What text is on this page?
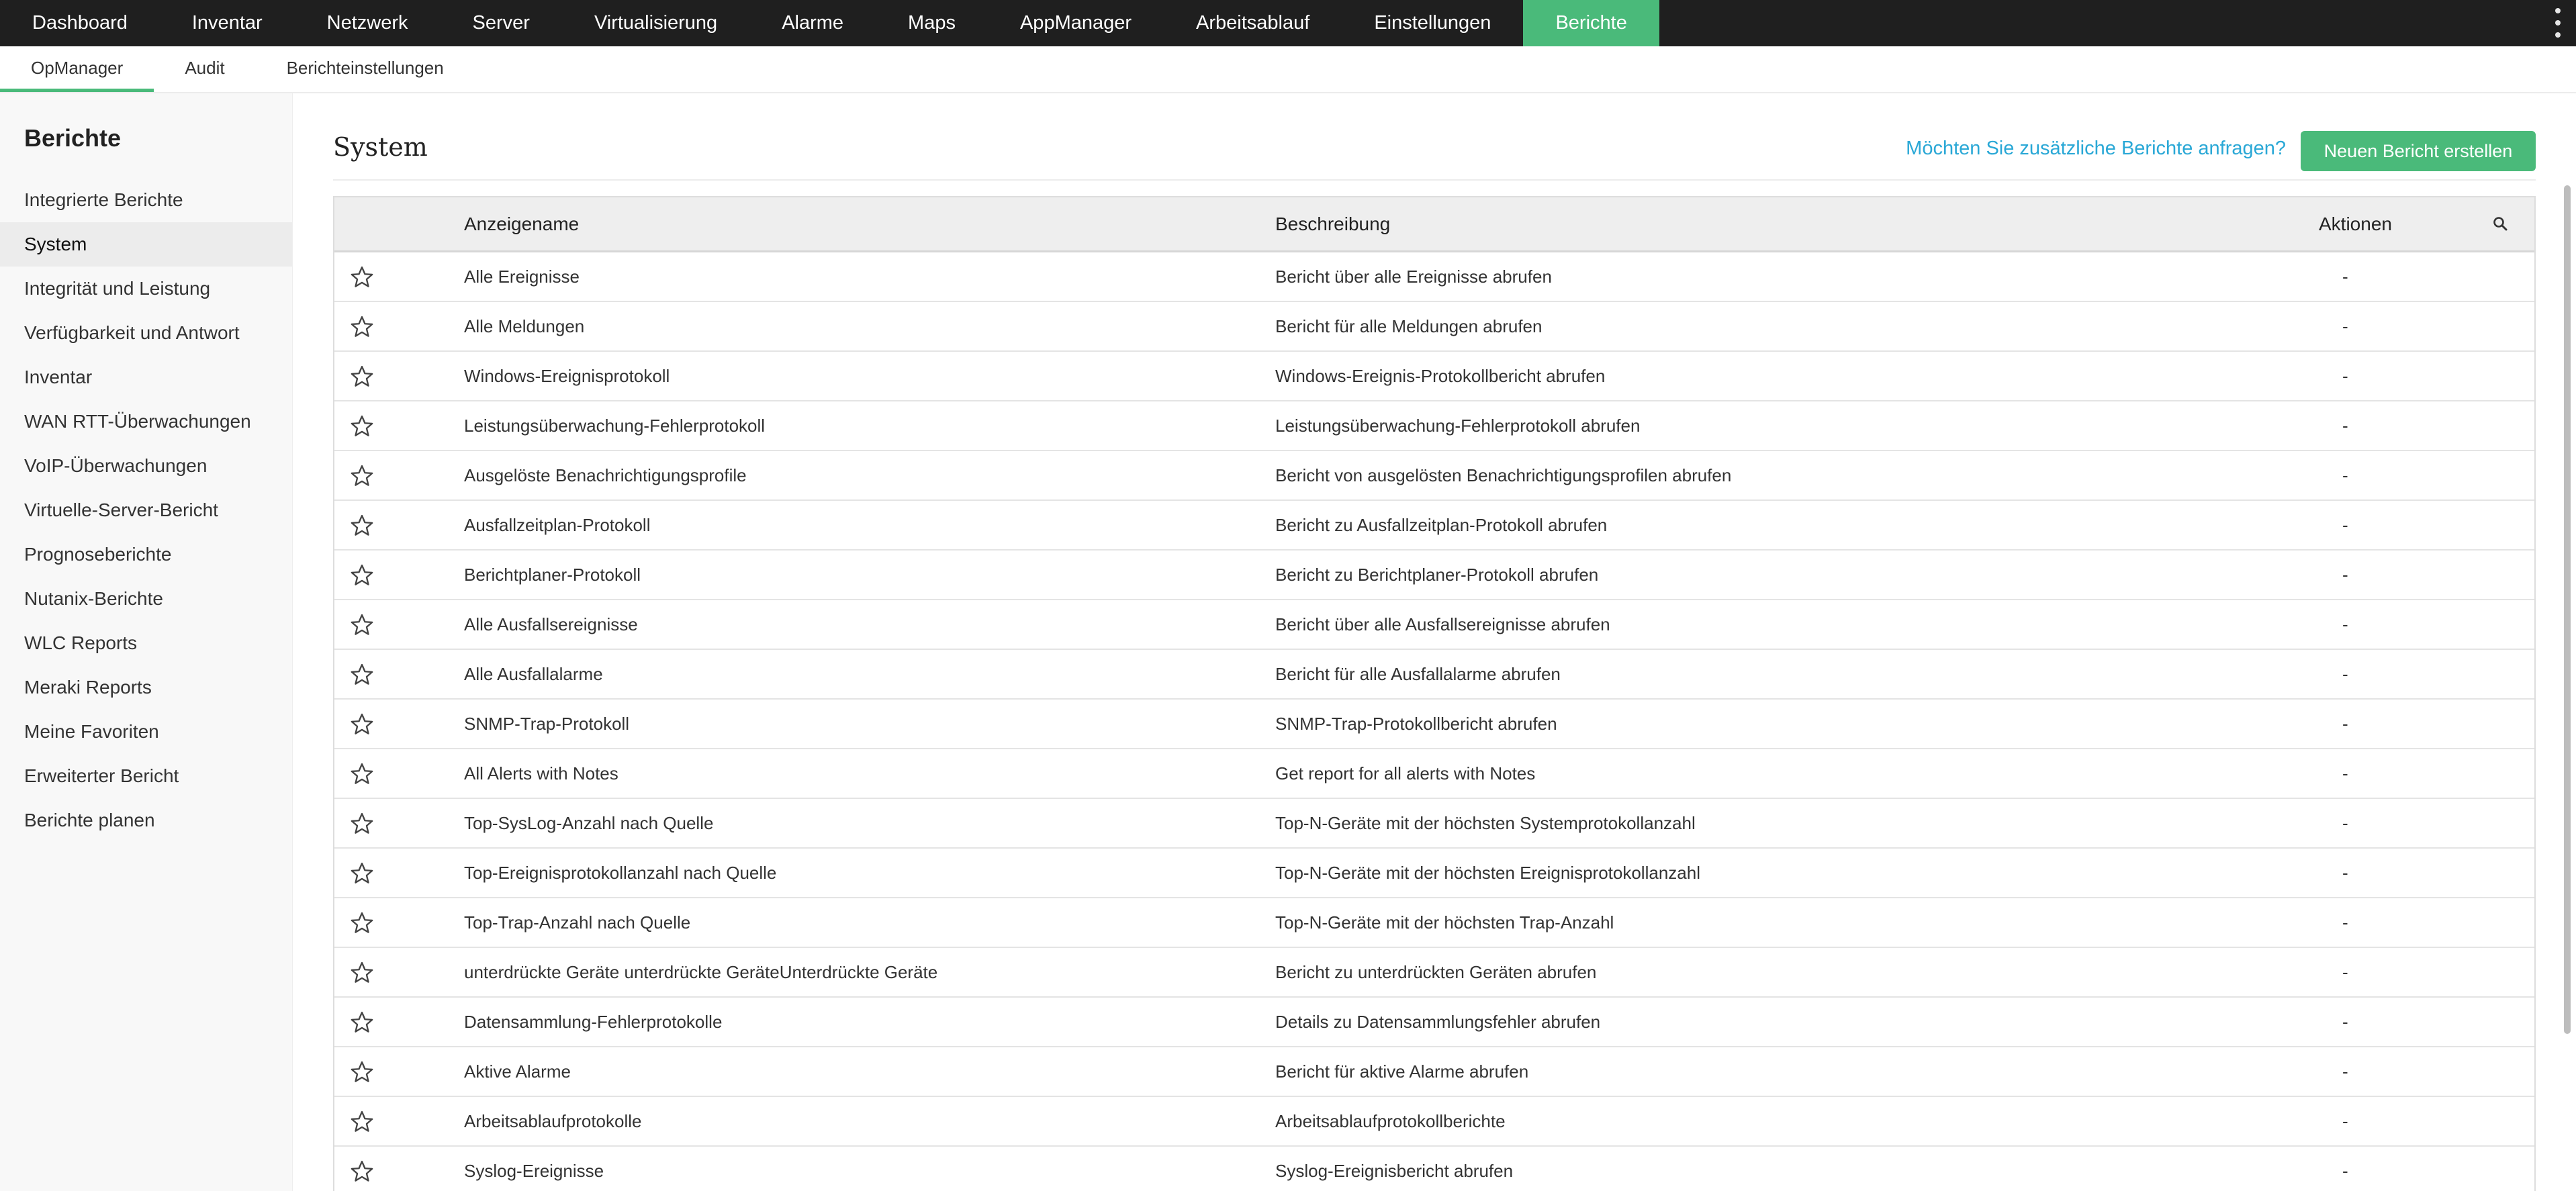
Dashboard	Inventar	Netzwerk	Server	Virtualisierung	Alarme	Maps	AppManager	Arbeitsablauf	Einstellungen	Berichte
OpManager	Audit	Berichteinstellungen
Berichte
Integrierte Berichte
System
Integrität und Leistung
Verfügbarkeit und Antwort
Inventar
WAN RTT-Überwachungen
VoIP-Überwachungen
Virtuelle-Server-Bericht
Prognoseberichte
Nutanix-Berichte
WLC Reports
Meraki Reports
Meine Favoriten
Erweiterter Bericht
Berichte planen
System	Möchten Sie zusätzliche Berichte anfragen?	Neuen Bericht erstellen
Anzeigename	Beschreibung	Aktionen
Alle Ereignisse	Bericht über alle Ereignisse abrufen	-
Alle Meldungen	Bericht für alle Meldungen abrufen	-
Windows-Ereignisprotokoll	Windows-Ereignis-Protokollbericht abrufen	-
Leistungsüberwachung-Fehlerprotokoll	Leistungsüberwachung-Fehlerprotokoll abrufen	-
Ausgelöste Benachrichtigungsprofile	Bericht von ausgelösten Benachrichtigungsprofilen abrufen	-
Ausfallzeitplan-Protokoll	Bericht zu Ausfallzeitplan-Protokoll abrufen	-
Berichtplaner-Protokoll	Bericht zu Berichtplaner-Protokoll abrufen	-
Alle Ausfallsereignisse	Bericht über alle Ausfallsereignisse abrufen	-
Alle Ausfallalarme	Bericht für alle Ausfallalarme abrufen	-
SNMP-Trap-Protokoll	SNMP-Trap-Protokollbericht abrufen	-
All Alerts with Notes	Get report for all alerts with Notes	-
Top-SysLog-Anzahl nach Quelle	Top-N-Geräte mit der höchsten Systemprotokollanzahl	-
Top-Ereignisprotokollanzahl nach Quelle	Top-N-Geräte mit der höchsten Ereignisprotokollanzahl	-
Top-Trap-Anzahl nach Quelle	Top-N-Geräte mit der höchsten Trap-Anzahl	-
unterdrückte Geräte unterdrückte GeräteUnterdrückte Geräte	Bericht zu unterdrückten Geräten abrufen	-
Datensammlung-Fehlerprotokolle	Details zu Datensammlungsfehler abrufen	-
Aktive Alarme	Bericht für aktive Alarme abrufen	-
Arbeitsablaufprotokolle	Arbeitsablaufprotokollberichte	-
Syslog-Ereignisse	Syslog-Ereignisbericht abrufen	-
